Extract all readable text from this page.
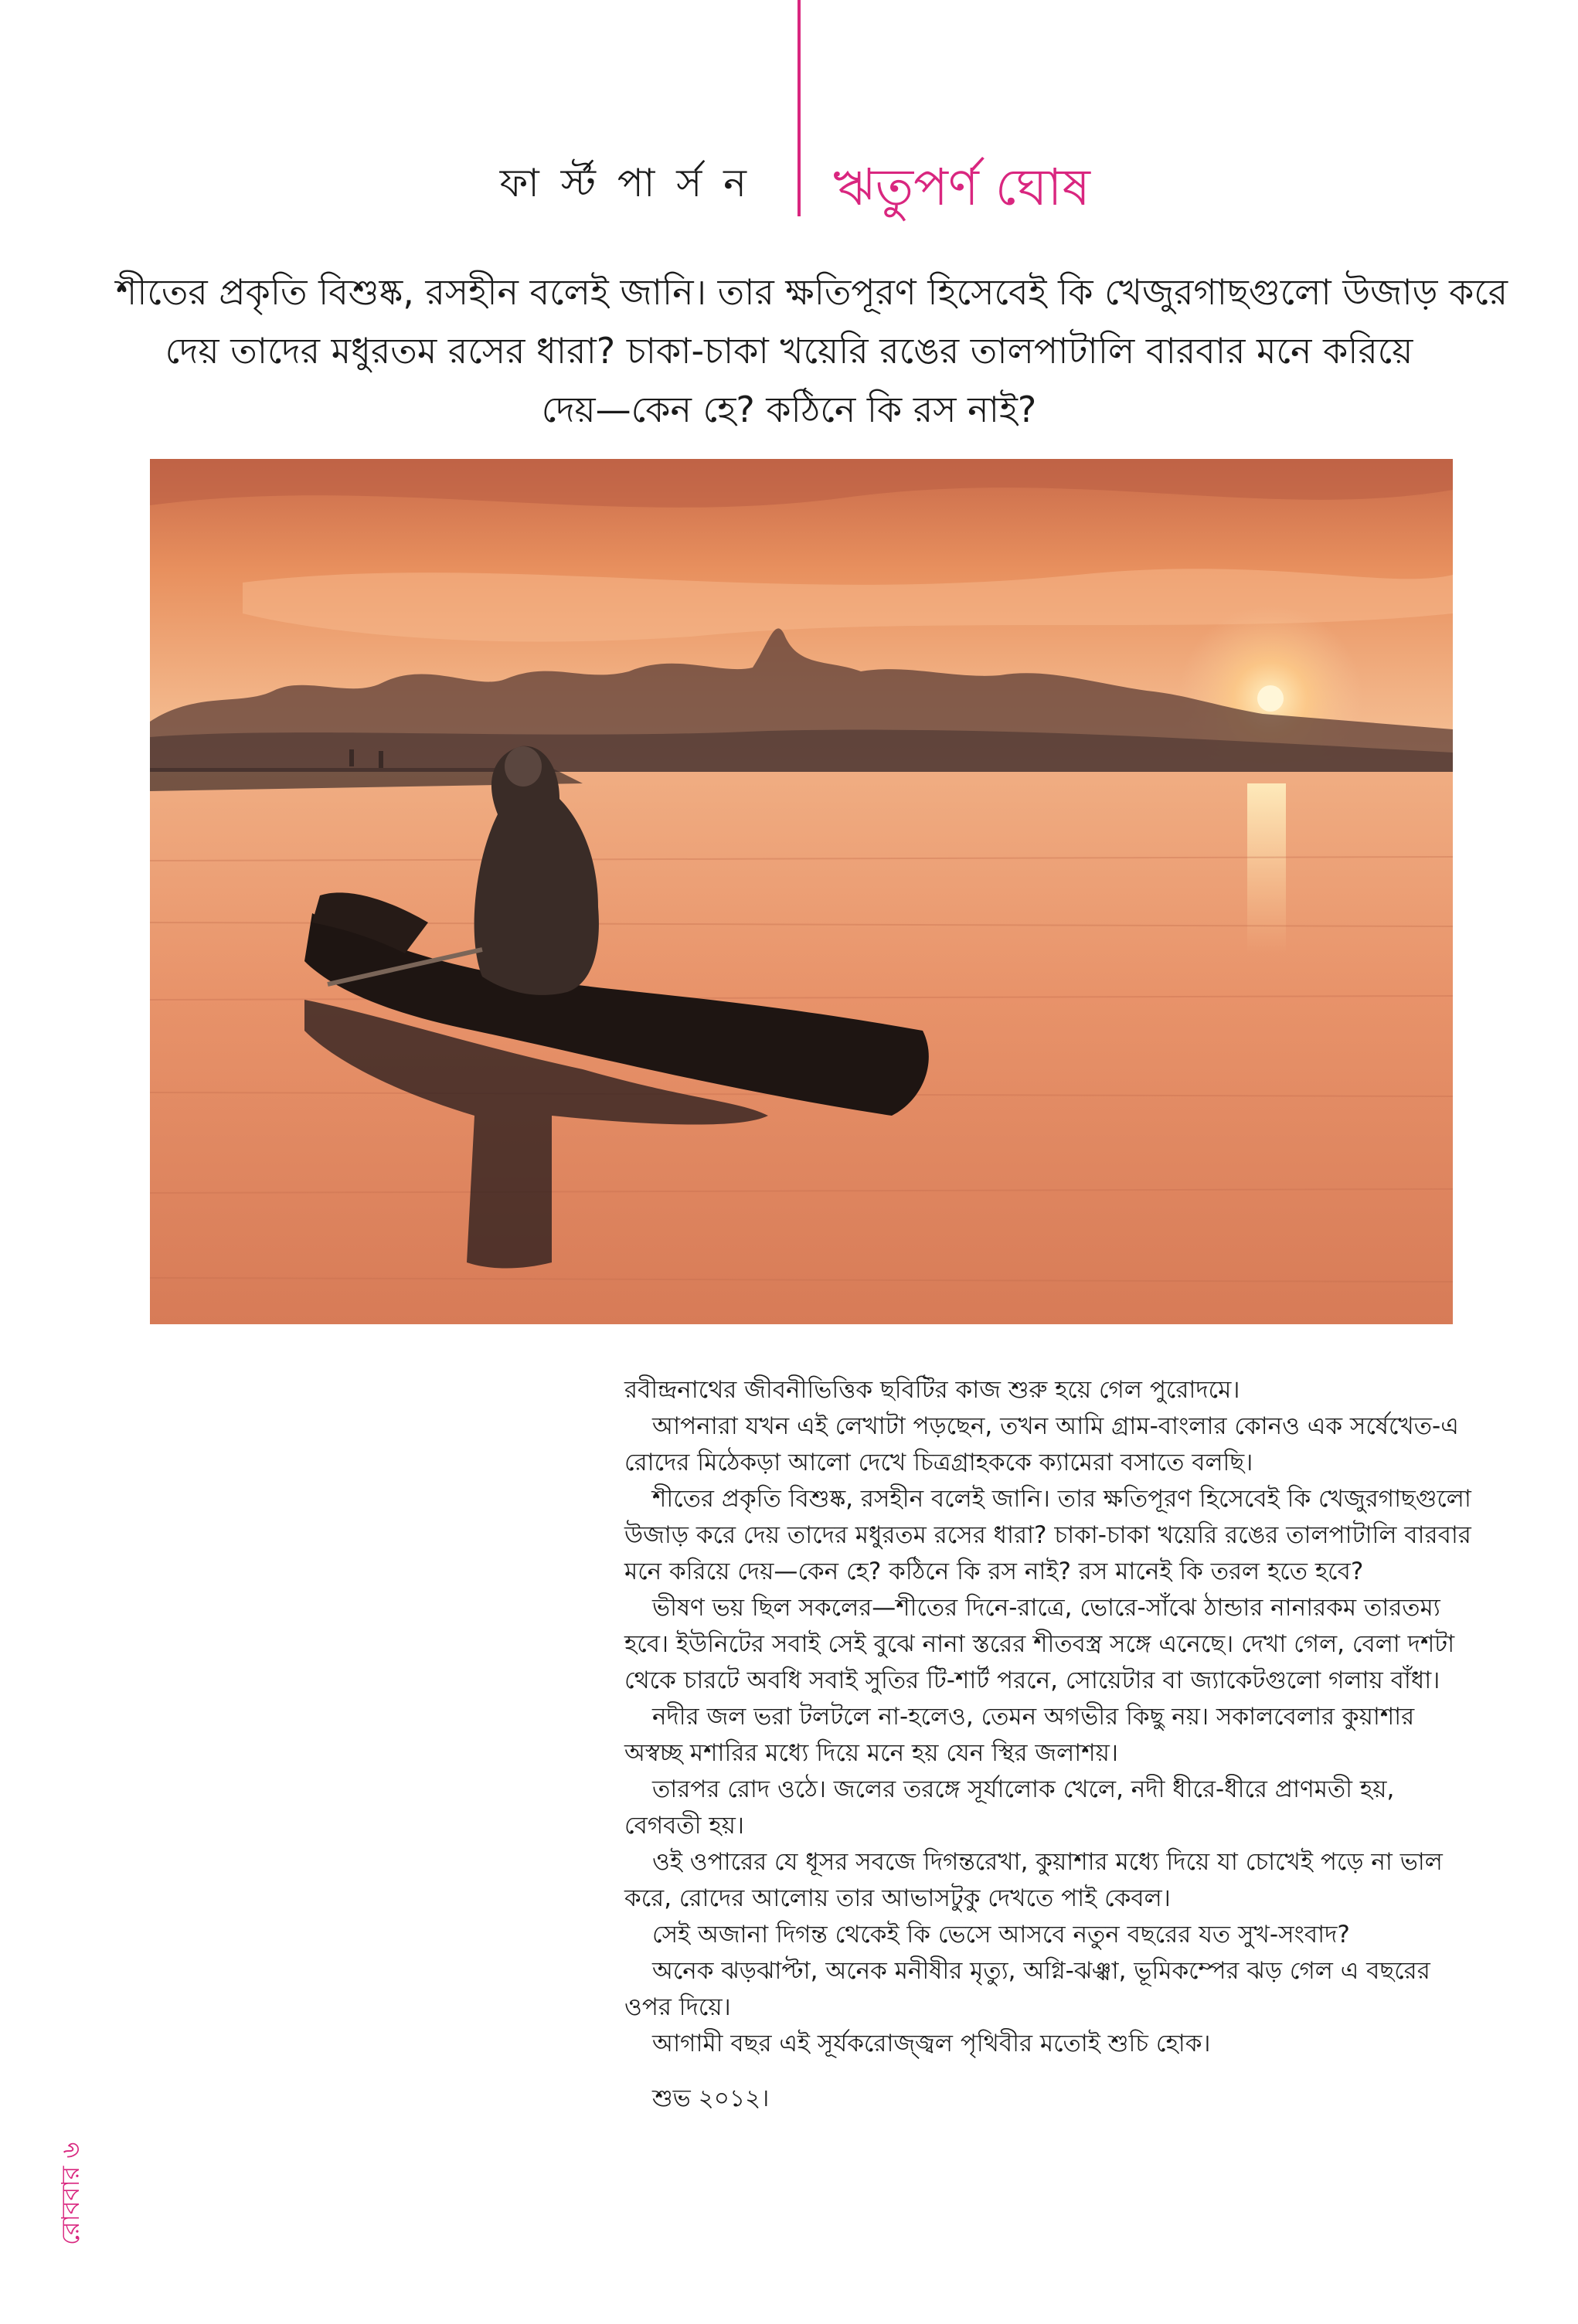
ফা র্স্ট পা র্স ন ঋতুপর্ণ ঘোষ
শীতের প্রকৃতি বিশুষ্ক, রসহীন বলেই জানি। তার ক্ষতিপূরণ হিসেবেই কি খেজুরগাছগুলো উজাড় করে
দেয় তাদের মধুরতম রসের ধারা? চাকা-চাকা খয়েরি রঙের তালপাটালি বারবার মনে করিয়ে
দেয়—কেন হে? কঠিনে কি রস নাই?

রবীন্দ্রনাথের জীবনীভিত্তিক ছবিটির কাজ শুরু হয়ে গেল পুরোদমে।

আপনারা যখন এই লেখাটা পড়ছেন, তখন আমি গ্রাম-বাংলার কোনও এক সর্ষেখেত-এ রোদের মিঠেকড়া আলো দেখে চিত্রগ্রাহককে ক্যামেরা বসাতে বলছি।

শীতের প্রকৃতি বিশুষ্ক, রসহীন বলেই জানি। তার ক্ষতিপূরণ হিসেবেই কি খেজুরগাছগুলো উজাড় করে দেয় তাদের মধুরতম রসের ধারা? চাকা-চাকা খয়েরি রঙের তালপাটালি বারবার মনে করিয়ে দেয়—কেন হে? কঠিনে কি রস নাই? রস মানেই কি তরল হতে হবে?

ভীষণ ভয় ছিল সকলের—শীতের দিনে-রাত্রে, ভোরে-সাঁঝে ঠান্ডার নানারকম তারতম্য হবে। ইউনিটের সবাই সেই বুঝে নানা স্তরের শীতবস্ত্র সঙ্গে এনেছে। দেখা গেল, বেলা দশটা থেকে চারটে অবধি সবাই সুতির টি-শার্ট পরনে, সোয়েটার বা জ্যাকেটগুলো গলায় বাঁধা।

নদীর জল ভরা টলটলে না-হলেও, তেমন অগভীর কিছু নয়। সকালবেলার কুয়াশার অস্বচ্ছ মশারির মধ্যে দিয়ে মনে হয় যেন স্থির জলাশয়।

তারপর রোদ ওঠে। জলের তরঙ্গে সূর্যালোক খেলে, নদী ধীরে-ধীরে প্রাণমতী হয়, বেগবতী হয়।

ওই ওপারের যে ধূসর সবজে দিগন্তরেখা, কুয়াশার মধ্যে দিয়ে যা চোখেই পড়ে না ভাল করে, রোদের আলোয় তার আভাসটুকু দেখতে পাই কেবল।

সেই অজানা দিগন্ত থেকেই কি ভেসে আসবে নতুন বছরের যত সুখ-সংবাদ?

অনেক ঝড়ঝাপ্টা, অনেক মনীষীর মৃত্যু, অগ্নি-ঝঞ্ঝা, ভূমিকম্পের ঝড় গেল এ বছরের ওপর দিয়ে।

আগামী বছর এই সূর্যকরোজ্জ্বল পৃথিবীর মতোই শুচি হোক।

শুভ ২০১২।

রোববার ৬
